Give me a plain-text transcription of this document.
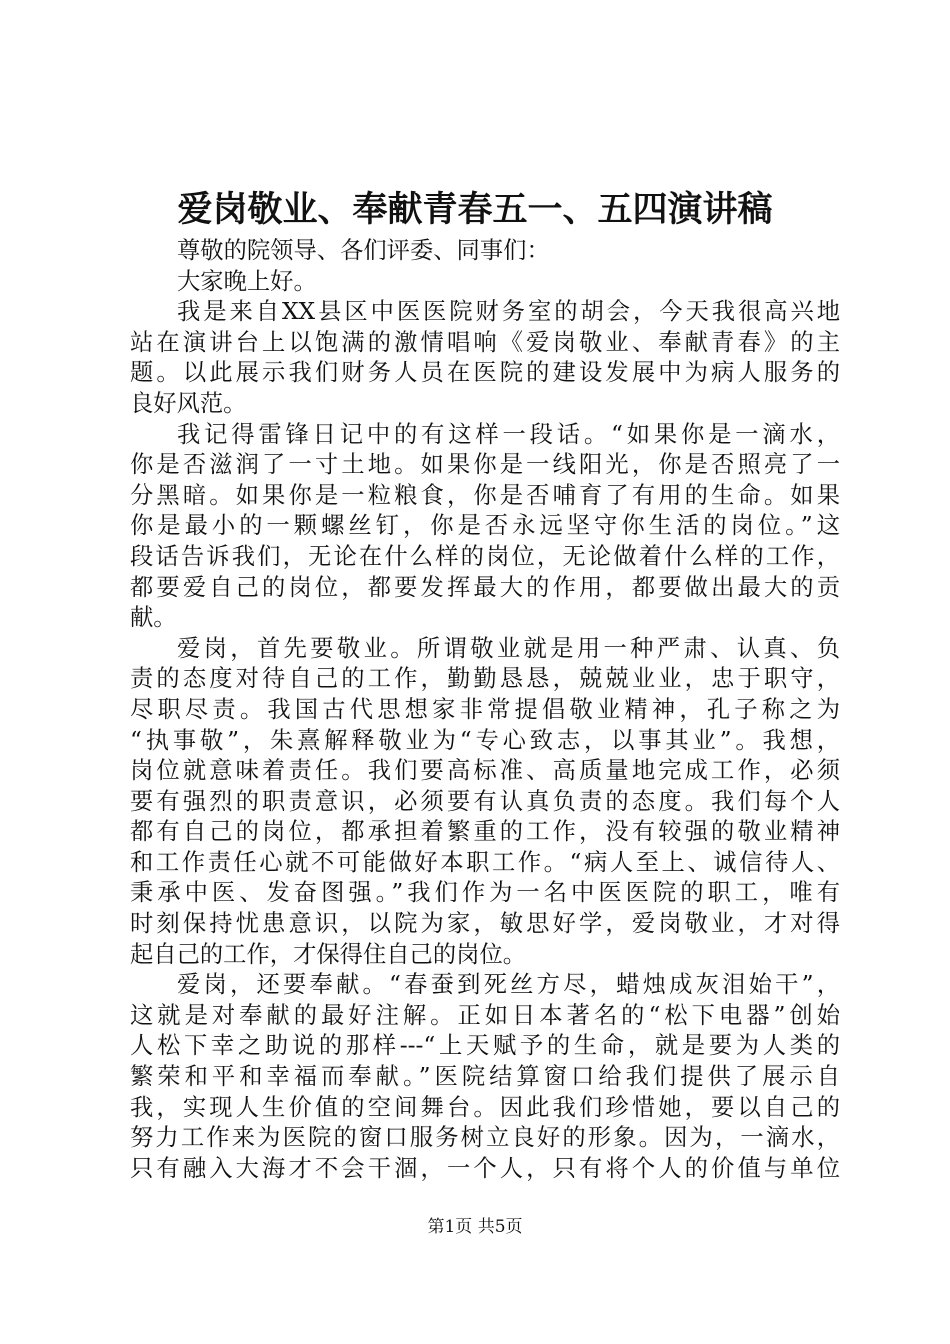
爱岗敬业、奉献青春五一、五四演讲稿
尊敬的院领导、各们评委、同事们：
大家晚上好。
我是来自XX县区中医医院财务室的胡会，今天我很高兴地
站在演讲台上以饱满的激情唱响《爱岗敬业、奉献青春》的主
题。以此展示我们财务人员在医院的建设发展中为病人服务的
良好风范。
我记得雷锋日记中的有这样一段话。“如果你是一滴水，
你是否滋润了一寸土地。如果你是一线阳光，你是否照亮了一
分黑暗。如果你是一粒粮食，你是否哺育了有用的生命。如果
你是最小的一颗螺丝钉，你是否永远坚守你生活的岗位。”这
段话告诉我们，无论在什么样的岗位，无论做着什么样的工作，
都要爱自己的岗位，都要发挥最大的作用，都要做出最大的贡
献。
爱岗，首先要敬业。所谓敬业就是用一种严肃、认真、负
责的态度对待自己的工作，勤勤恳恳，兢兢业业，忠于职守，
尽职尽责。我国古代思想家非常提倡敬业精神，孔子称之为
“执事敬”，朱熹解释敬业为“专心致志，以事其业”。我想，
岗位就意味着责任。我们要高标准、高质量地完成工作，必须
要有强烈的职责意识，必须要有认真负责的态度。我们每个人
都有自己的岗位，都承担着繁重的工作，没有较强的敬业精神
和工作责任心就不可能做好本职工作。“病人至上、诚信待人、
秉承中医、发奋图强。”我们作为一名中医医院的职工，唯有
时刻保持忧患意识，以院为家，敏思好学，爱岗敬业，才对得
起自己的工作，才保得住自己的岗位。
爱岗，还要奉献。“春蚕到死丝方尽，蜡烛成灰泪始干”，
这就是对奉献的最好注解。正如日本著名的“松下电器”创始
人松下幸之助说的那样---“上天赋予的生命，就是要为人类的
繁荣和平和幸福而奉献。”医院结算窗口给我们提供了展示自
我，实现人生价值的空间舞台。因此我们珍惜她，要以自己的
努力工作来为医院的窗口服务树立良好的形象。因为，一滴水，
只有融入大海才不会干涸，一个人，只有将个人的价值与单位
第1页 共5页
